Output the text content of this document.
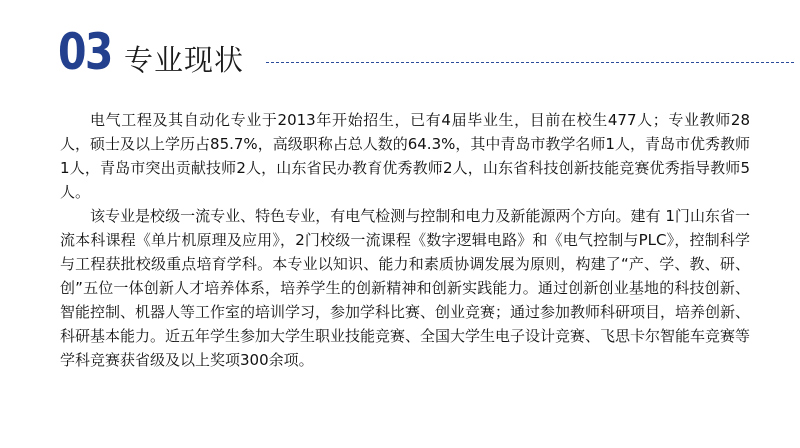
03 专业现状

电气工程及其自动化专业于2013年开始招生，已有4届毕业生，目前在校生477人；专业教师28人，硕士及以上学历占85.7%，高级职称占总人数的64.3%，其中青岛市教学名师1人，青岛市优秀教师1人，青岛市突出贡献技师2人，山东省民办教育优秀教师2人，山东省科技创新技能竞赛优秀指导教师5人。

该专业是校级一流专业、特色专业，有电气检测与控制和电力及新能源两个方向。建有 1门山东省一流本科课程《单片机原理及应用》，2门校级一流课程《数字逻辑电路》和《电气控制与PLC》，控制科学与工程获批校级重点培育学科。本专业以知识、能力和素质协调发展为原则，构建了“产、学、教、研、创”五位一体创新人才培养体系，培养学生的创新精神和创新实践能力。通过创新创业基地的科技创新、智能控制、机器人等工作室的培训学习，参加学科比赛、创业竞赛；通过参加教师科研项目，培养创新、科研基本能力。近五年学生参加大学生职业技能竞赛、全国大学生电子设计竞赛、飞思卡尔智能车竞赛等学科竞赛获省级及以上奖项300余项。
